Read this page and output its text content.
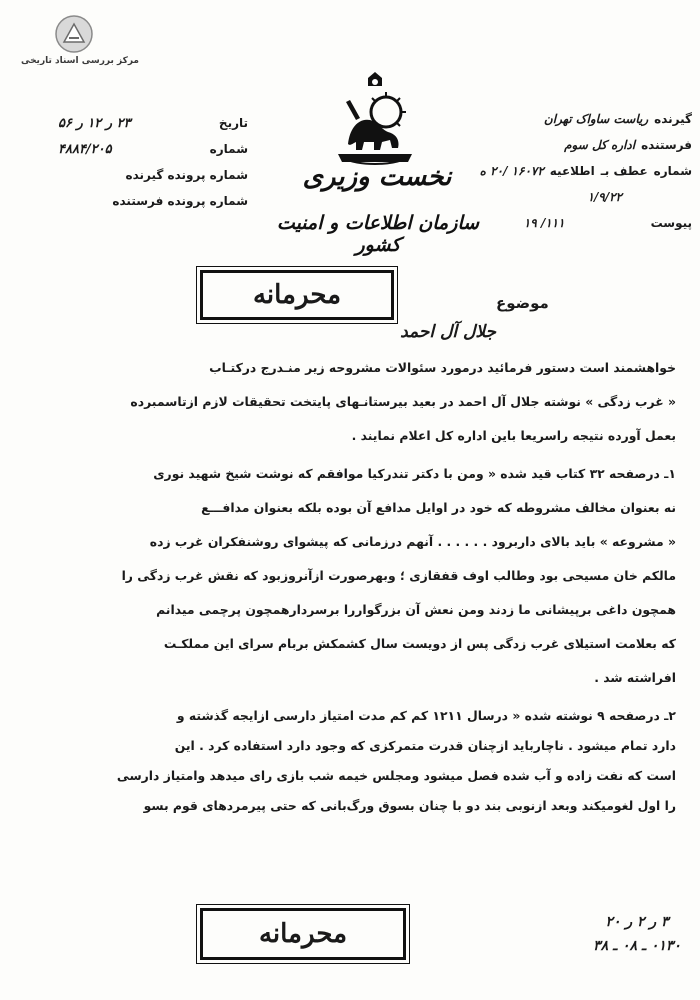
مرکز بررسی اسناد تاریخی
نخست وزیری
سازمان اطلاعات و امنیت کشور
تاریخ
۲۳ ر ۱۲ ر ۵۶
شماره
۴۸۸۴/۲۰۵
شماره پرونده گیرنده
شماره پرونده فرستنده
گیرنده
ریاست ساواک تهران
فرستنده
اداره کل سوم
شماره
عطف بـ
اطلاعیه
۱۶۰۷۲ /۲۰ ه
۱/۹/۲۲
پیوست
۱۱۱/ ۱۹
محرمانه	موضوع
جلال آل احمد

خواهشمند است دستور فرمائید درمورد سئوالات مشروحه زیر منـدرج درکتـاب

« غرب زدگی » نوشته جلال آل احمد در بعید بیرستانـهای پایتخت تحقیقات لازم ازتاسمبرده

بعمل آورده نتیجه راسریعا باین اداره کل اعلام نمایند .

۱ـ درصفحه ۳۲ کتاب قید شده « ومن با دکتر تندرکیا موافقم که نوشت شیخ شهید نوری

نه بعنوان مخالف مشروطه که خود در اوایل مدافع آن بوده بلکه بعنوان مدافـــع

« مشروعه » باید بالای داربرود . . . . . . آنهم درزمانی که پیشوای روشنفکران غرب زده

مالکم خان مسیحی بود وطالب اوف قفقازی ؛ وبهرصورت ازآنروزبود که نقش غرب زدگی را

همچون داغی برپیشانی ما زدند ومن نعش آن بزرگواررا برسردارهمچون پرچمی میدانم

که بعلامت استیلای غرب زدگی پس از دویست سال کشمکش بربام سرای این مملکـت

افراشته شد .

۲ـ درصفحه ۹ نوشته شده « درسال ۱۲۱۱ کم کم مدت امتیاز دارسی ازایجه گذشته و

دارد تمام میشود . ناچارباید ازچنان قدرت متمرکزی که وجود دارد استفاده کرد . این

است که نفت زاده و آب شده فصل میشود ومجلس خیمه شب بازی رای میدهد وامتیاز دارسی

را اول لغومیکند وبعد ازنوبی بند دو با چنان بسوق ورگ‌بانی که حتی پیرمردهای قوم بسو

محرمانه	۳ ر ۲ ر ۲۰
۰۱۳۰ ـ ۰۸ ـ ۳۸
